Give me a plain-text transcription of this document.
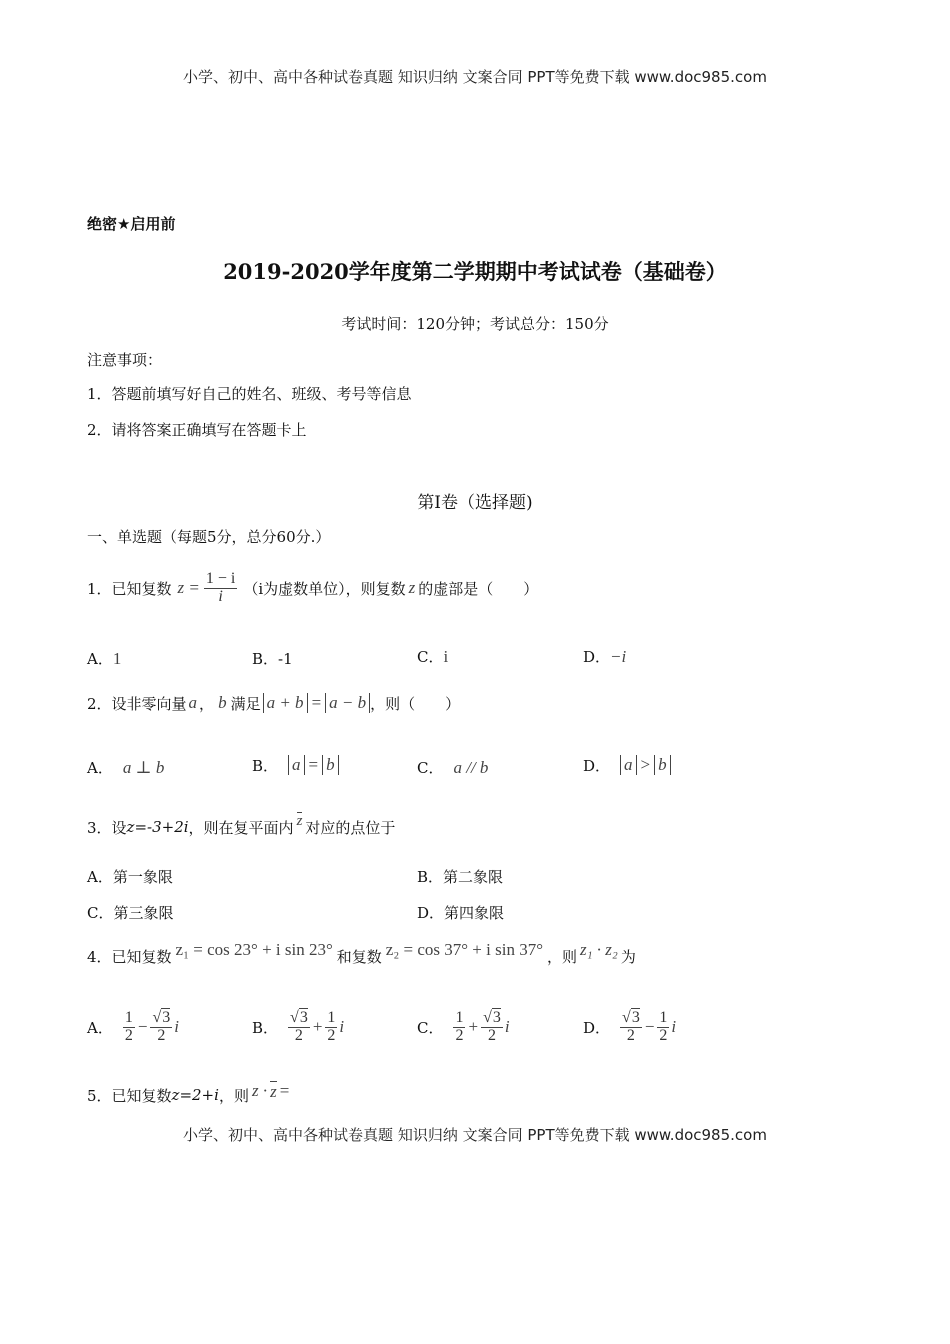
小学、初中、高中各种试卷真题 知识归纳 文案合同 PPT等免费下载 www.doc985.com
绝密★启用前
2019-2020学年度第二学期期中考试试卷（基础卷）
考试时间：120分钟；考试总分：150分
注意事项：
1．答题前填写好自己的姓名、班级、考号等信息
2．请将答案正确填写在答题卡上
第I卷（选择题)
一、单选题（每题5分，总分60分.）
1．已知复数 $z = \frac{1 - i}{i} (i$为虚数单位），则复数 z 的虚部是（　　）
A．1	B．-1	C．i	D．−i
2．设非零向量 a ， b 满足 a + b = a − b ，则（　　）
A． a ⊥ b	B． a = b	C． a // b	D． a > b
3．设 z=-3+2i ，则在复平面内 z 对应的点位于
A．第一象限	B．第二象限
C．第三象限	D．第四象限
4．已知复数 z₁ = cos 23° + i sin 23° 和复数 z₂ = cos 37° + i sin 37° ，则 z₁ · z₂ 为
A． $\frac{1}{2} - \frac{√3}{2}$ i	B． $\frac{√3}{2} + \frac{1}{2}$ i	C． $\frac{1}{2} + \frac{√3}{2}$ i	D． $\frac{√3}{2} - \frac{1}{2}$ i
5．已知复数 z=2+i ，则 z · z =
小学、初中、高中各种试卷真题 知识归纳 文案合同 PPT等免费下载 www.doc985.com
